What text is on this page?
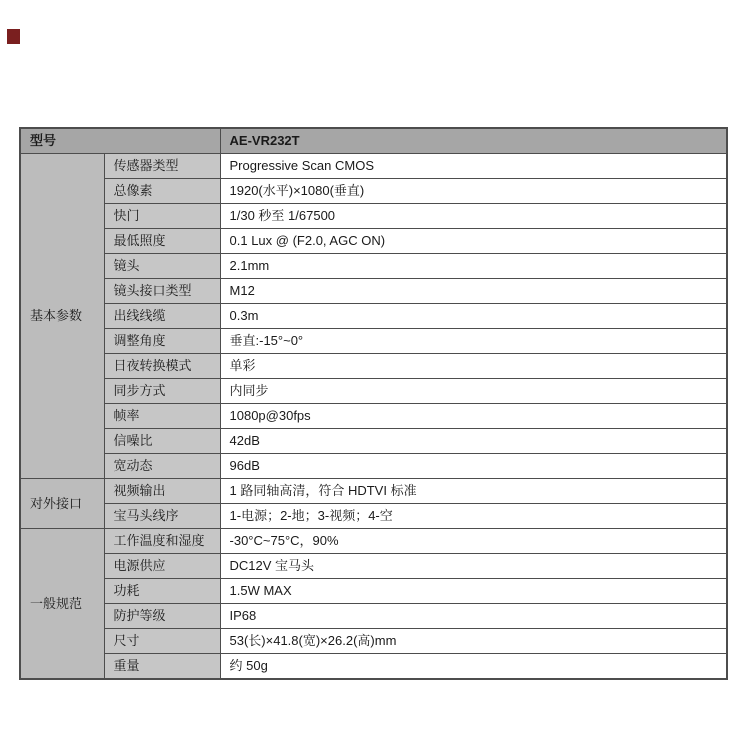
型号		AE-VR232T
基本参数	传感器类型	Progressive Scan CMOS
	总像素	1920(水平)×1080(垂直)
	快门	1/30 秒至 1/67500
	最低照度	0.1 Lux @ (F2.0, AGC ON)
	镜头	2.1mm
	镜头接口类型	M12
	出线线缆	0.3m
	调整角度	垂直:-15°~0°
	日夜转换模式	单彩
	同步方式	内同步
	帧率	1080p@30fps
	信噪比	42dB
	宽动态	96dB
对外接口	视频输出	1 路同轴高清，符合 HDTVI 标准
	宝马头线序	1-电源；2-地；3-视频；4-空
一般规范	工作温度和湿度	-30°C~75°C，90%
	电源供应	DC12V 宝马头
	功耗	1.5W MAX
	防护等级	IP68
	尺寸	53(长)×41.8(宽)×26.2(高)mm
	重量	约 50g
